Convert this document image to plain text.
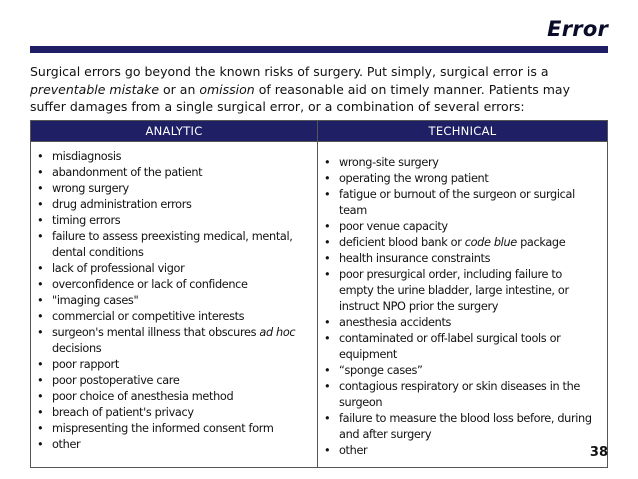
Error
Surgical errors go beyond the known risks of surgery. Put simply, surgical error is a preventable mistake or an omission of reasonable aid on timely manner. Patients may suffer damages from a single surgical error, or a combination of several errors:
ANALYTIC	TECHNICAL
• misdiagnosis
• abandonment of the patient
• wrong surgery
• drug administration errors
• timing errors
• failure to assess preexisting medical, mental, dental conditions
• lack of professional vigor
• overconfidence or lack of confidence
• "imaging cases"
• commercial or competitive interests
• surgeon's mental illness that obscures ad hoc decisions
• poor rapport
• poor postoperative care
• poor choice of anesthesia method
• breach of patient's privacy
• mispresenting the informed consent form
• other
• wrong-site surgery
• operating the wrong patient
• fatigue or burnout of the surgeon or surgical team
• poor venue capacity
• deficient blood bank or code blue package
• health insurance constraints
• poor presurgical order, including failure to empty the urine bladder, large intestine, or instruct NPO prior the surgery
• anesthesia accidents
• contaminated or off-label surgical tools or equipment
• “sponge cases”
• contagious respiratory or skin diseases in the surgeon
• failure to measure the blood loss before, during and after surgery
• other	38
